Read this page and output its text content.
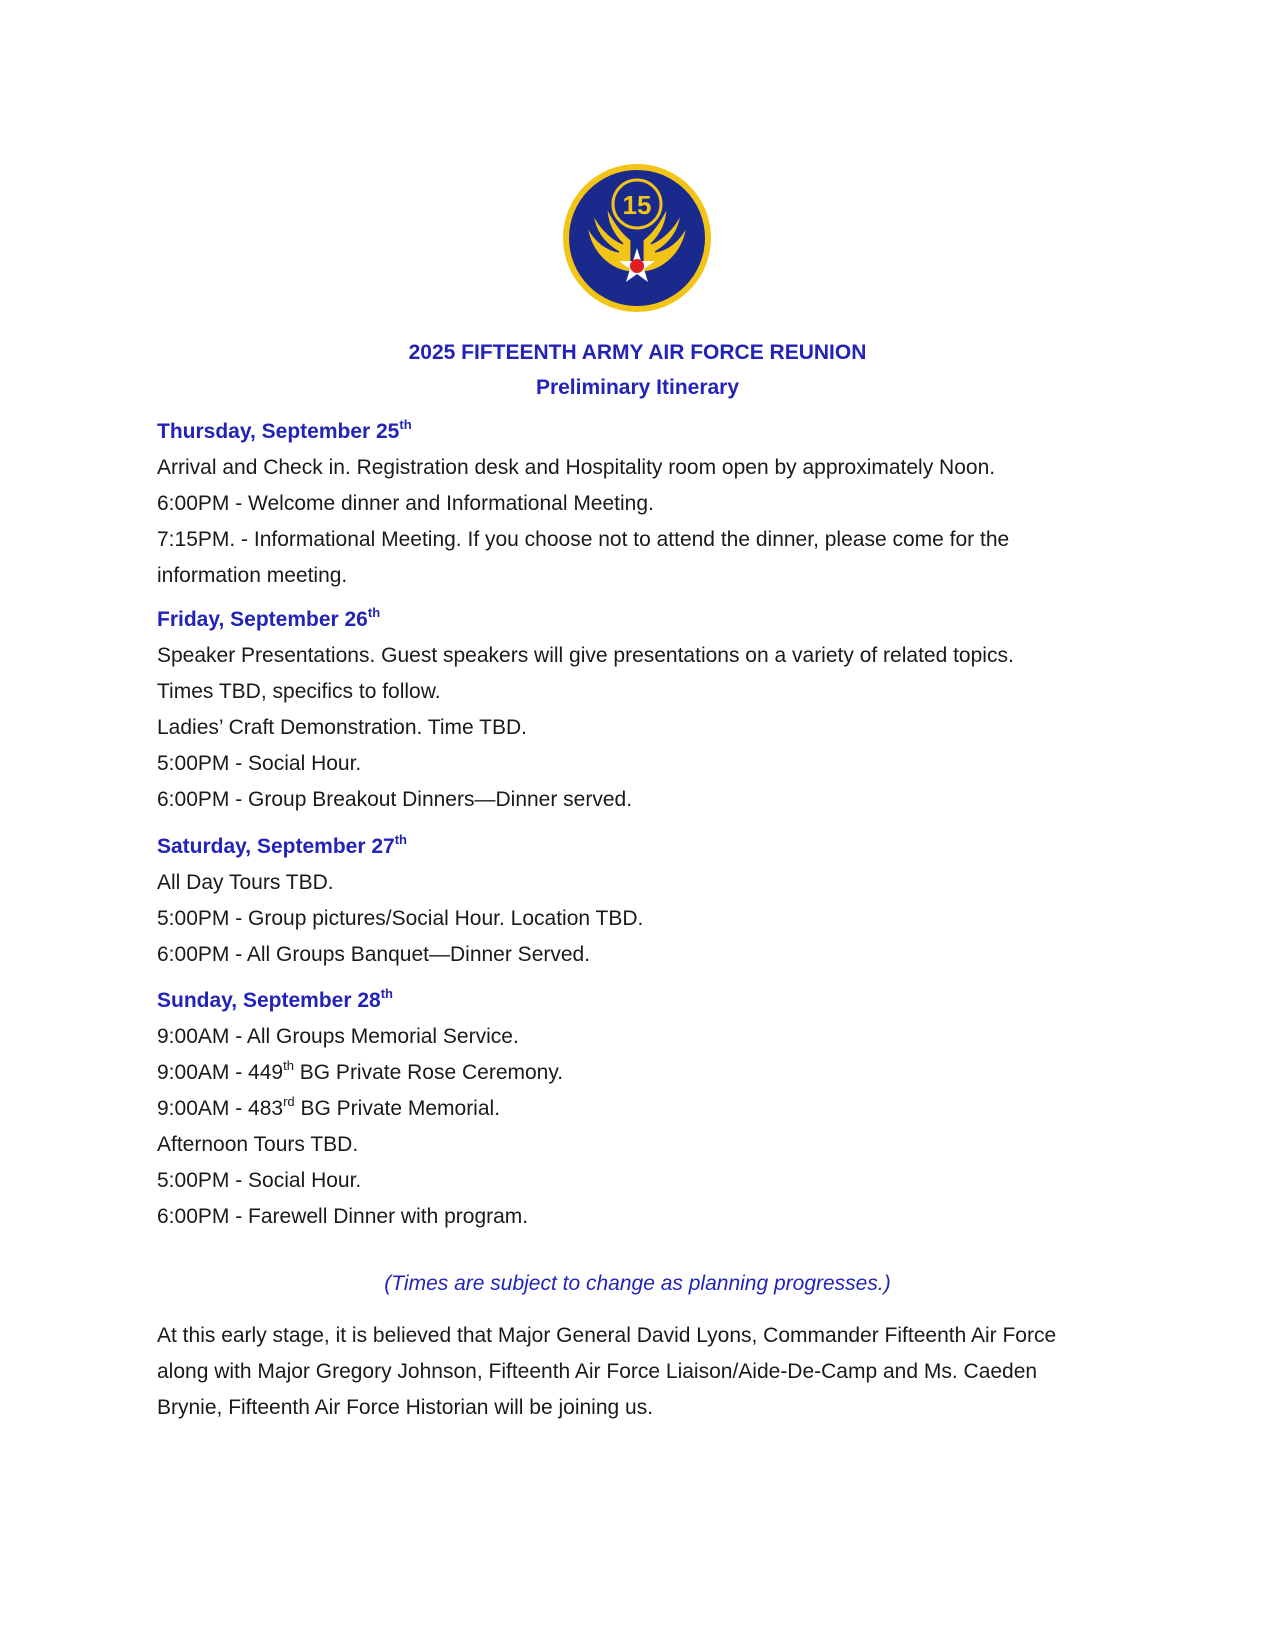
15
2025 FIFTEENTH ARMY AIR FORCE REUNION
Preliminary Itinerary
Thursday, September 25th
Arrival and Check in. Registration desk and Hospitality room open by approximately Noon.
6:00PM - Welcome dinner and Informational Meeting.
7:15PM. - Informational Meeting. If you choose not to attend the dinner, please come for the information meeting.
Friday, September 26th
Speaker Presentations. Guest speakers will give presentations on a variety of related topics.
Times TBD, specifics to follow.
Ladies’ Craft Demonstration. Time TBD.
5:00PM - Social Hour.
6:00PM - Group Breakout Dinners—Dinner served.
Saturday, September 27th
All Day Tours TBD.
5:00PM - Group pictures/Social Hour. Location TBD.
6:00PM - All Groups Banquet—Dinner Served.
Sunday, September 28th
9:00AM - All Groups Memorial Service.
9:00AM - 449th BG Private Rose Ceremony.
9:00AM - 483rd BG Private Memorial.
Afternoon Tours TBD.
5:00PM - Social Hour.
6:00PM - Farewell Dinner with program.
(Times are subject to change as planning progresses.)
At this early stage, it is believed that Major General David Lyons, Commander Fifteenth Air Force along with Major Gregory Johnson, Fifteenth Air Force Liaison/Aide-De-Camp and Ms. Caeden Brynie, Fifteenth Air Force Historian will be joining us.
